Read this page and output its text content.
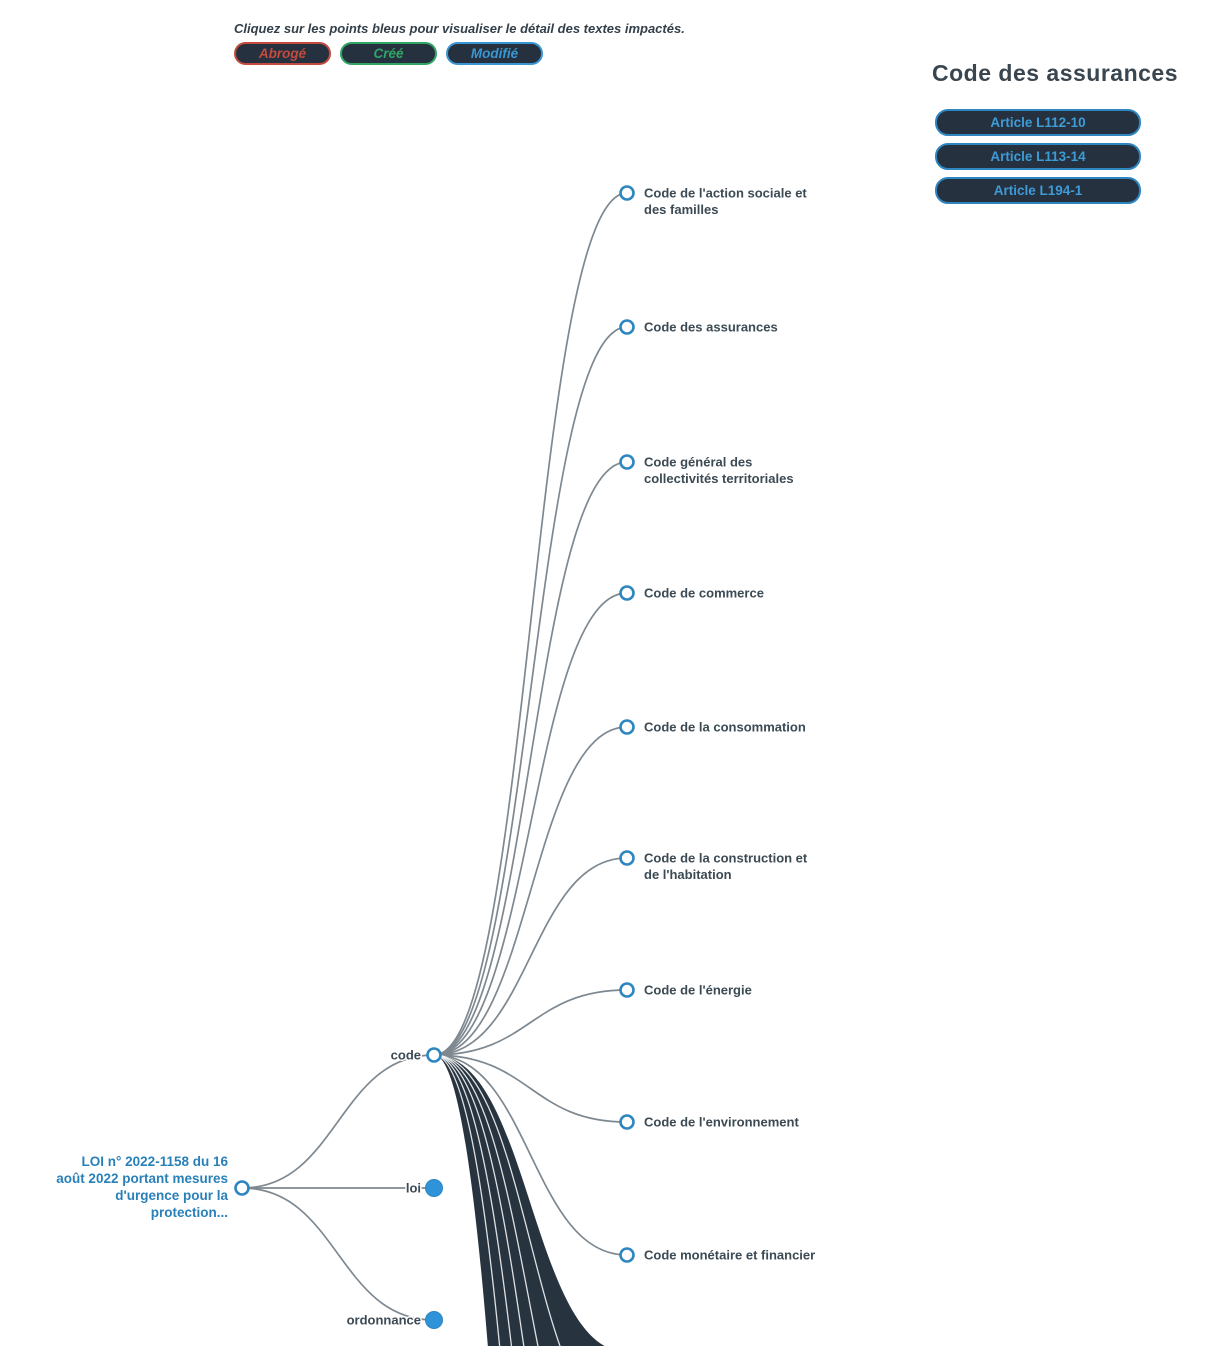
Cliquez sur les points bleus pour visualiser le détail des textes impactés.
Abrogé	Créé	Modifié
Code des assurances
Article L112-10
Article L113-14
Article L194-1
LOI n° 2022-1158 du 16 août 2022 portant mesures d'urgence pour la protection...
code
loi
ordonnance
Code de l'action sociale et des familles
Code des assurances
Code général des collectivités territoriales
Code de commerce
Code de la consommation
Code de la construction et de l'habitation
Code de l'énergie
Code de l'environnement
Code monétaire et financier
